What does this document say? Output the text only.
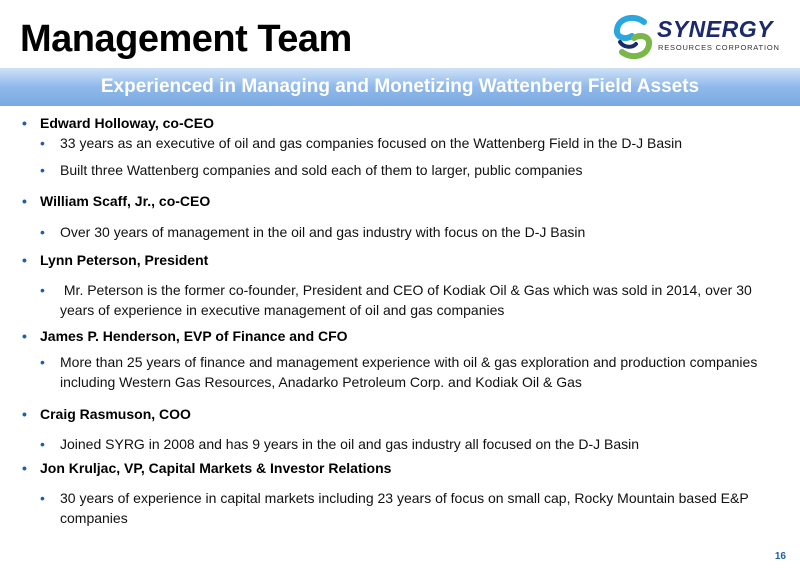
Management Team	SYNERGY
RESOURCES CORPORATION
Experienced in Managing and Monetizing Wattenberg Field Assets
• Edward Holloway, co-CEO
• 33 years as an executive of oil and gas companies focused on the Wattenberg Field in the D-J Basin
• Built three Wattenberg companies and sold each of them to larger, public companies
• William Scaff, Jr., co-CEO
• Over 30 years of management in the oil and gas industry with focus on the D-J Basin
• Lynn Peterson, President
•  Mr. Peterson is the former co-founder, President and CEO of Kodiak Oil & Gas which was sold in 2014, over 30 years of experience in executive management of oil and gas companies
• James P. Henderson, EVP of Finance and CFO
• More than 25 years of finance and management experience with oil & gas exploration and production companies including Western Gas Resources, Anadarko Petroleum Corp. and Kodiak Oil & Gas
• Craig Rasmuson, COO
• Joined SYRG in 2008 and has 9 years in the oil and gas industry all focused on the D-J Basin
• Jon Kruljac, VP, Capital Markets & Investor Relations
• 30 years of experience in capital markets including 23 years of focus on small cap, Rocky Mountain based E&P companies
16
